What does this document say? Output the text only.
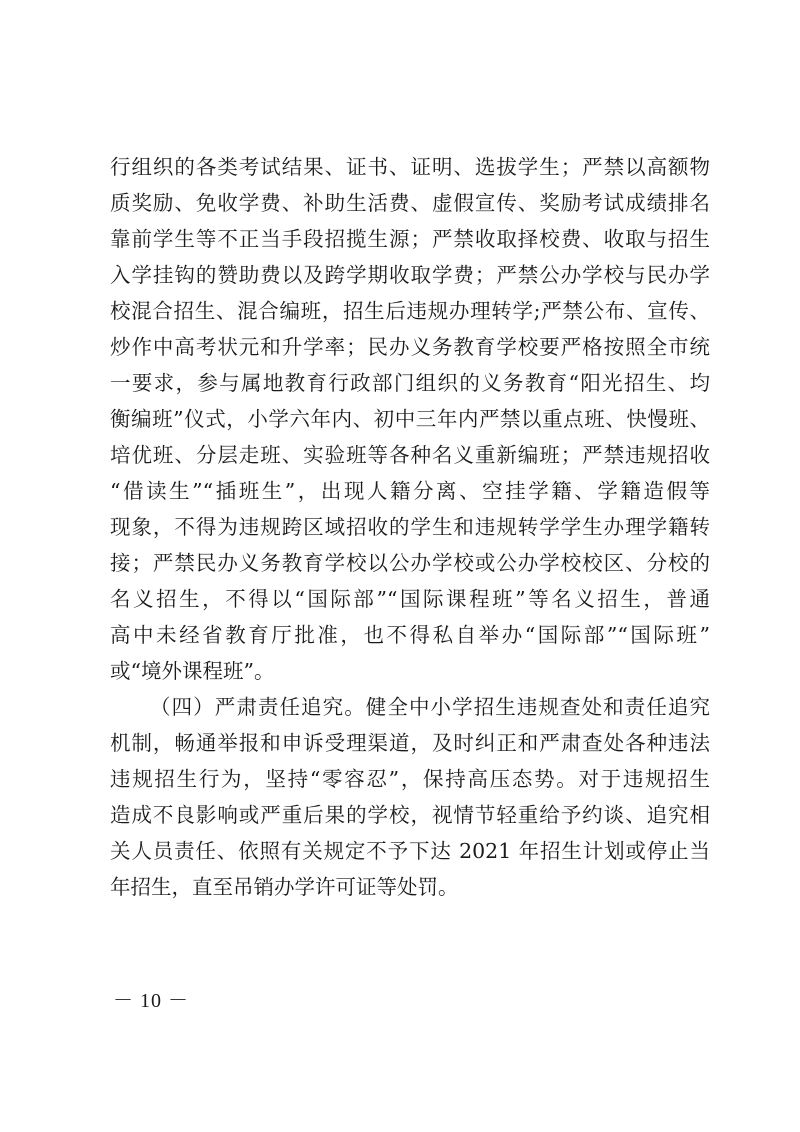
行组织的各类考试结果、证书、证明、选拔学生；严禁以高额物
质奖励、免收学费、补助生活费、虚假宣传、奖励考试成绩排名
靠前学生等不正当手段招揽生源；严禁收取择校费、收取与招生
入学挂钩的赞助费以及跨学期收取学费；严禁公办学校与民办学
校混合招生、混合编班，招生后违规办理转学;严禁公布、宣传、
炒作中高考状元和升学率；民办义务教育学校要严格按照全市统
一要求，参与属地教育行政部门组织的义务教育“阳光招生、均
衡编班”仪式，小学六年内、初中三年内严禁以重点班、快慢班、
培优班、分层走班、实验班等各种名义重新编班；严禁违规招收
“借读生”“插班生”，出现人籍分离、空挂学籍、学籍造假等
现象，不得为违规跨区域招收的学生和违规转学学生办理学籍转
接；严禁民办义务教育学校以公办学校或公办学校校区、分校的
名义招生，不得以“国际部”“国际课程班”等名义招生，普通
高中未经省教育厅批准，也不得私自举办“国际部”“国际班”
或“境外课程班”。
（四）严肃责任追究。健全中小学招生违规查处和责任追究
机制，畅通举报和申诉受理渠道，及时纠正和严肃查处各种违法
违规招生行为，坚持“零容忍”，保持高压态势。对于违规招生
造成不良影响或严重后果的学校，视情节轻重给予约谈、追究相
关人员责任、依照有关规定不予下达 2021 年招生计划或停止当
年招生，直至吊销办学许可证等处罚。
－ 10 －
